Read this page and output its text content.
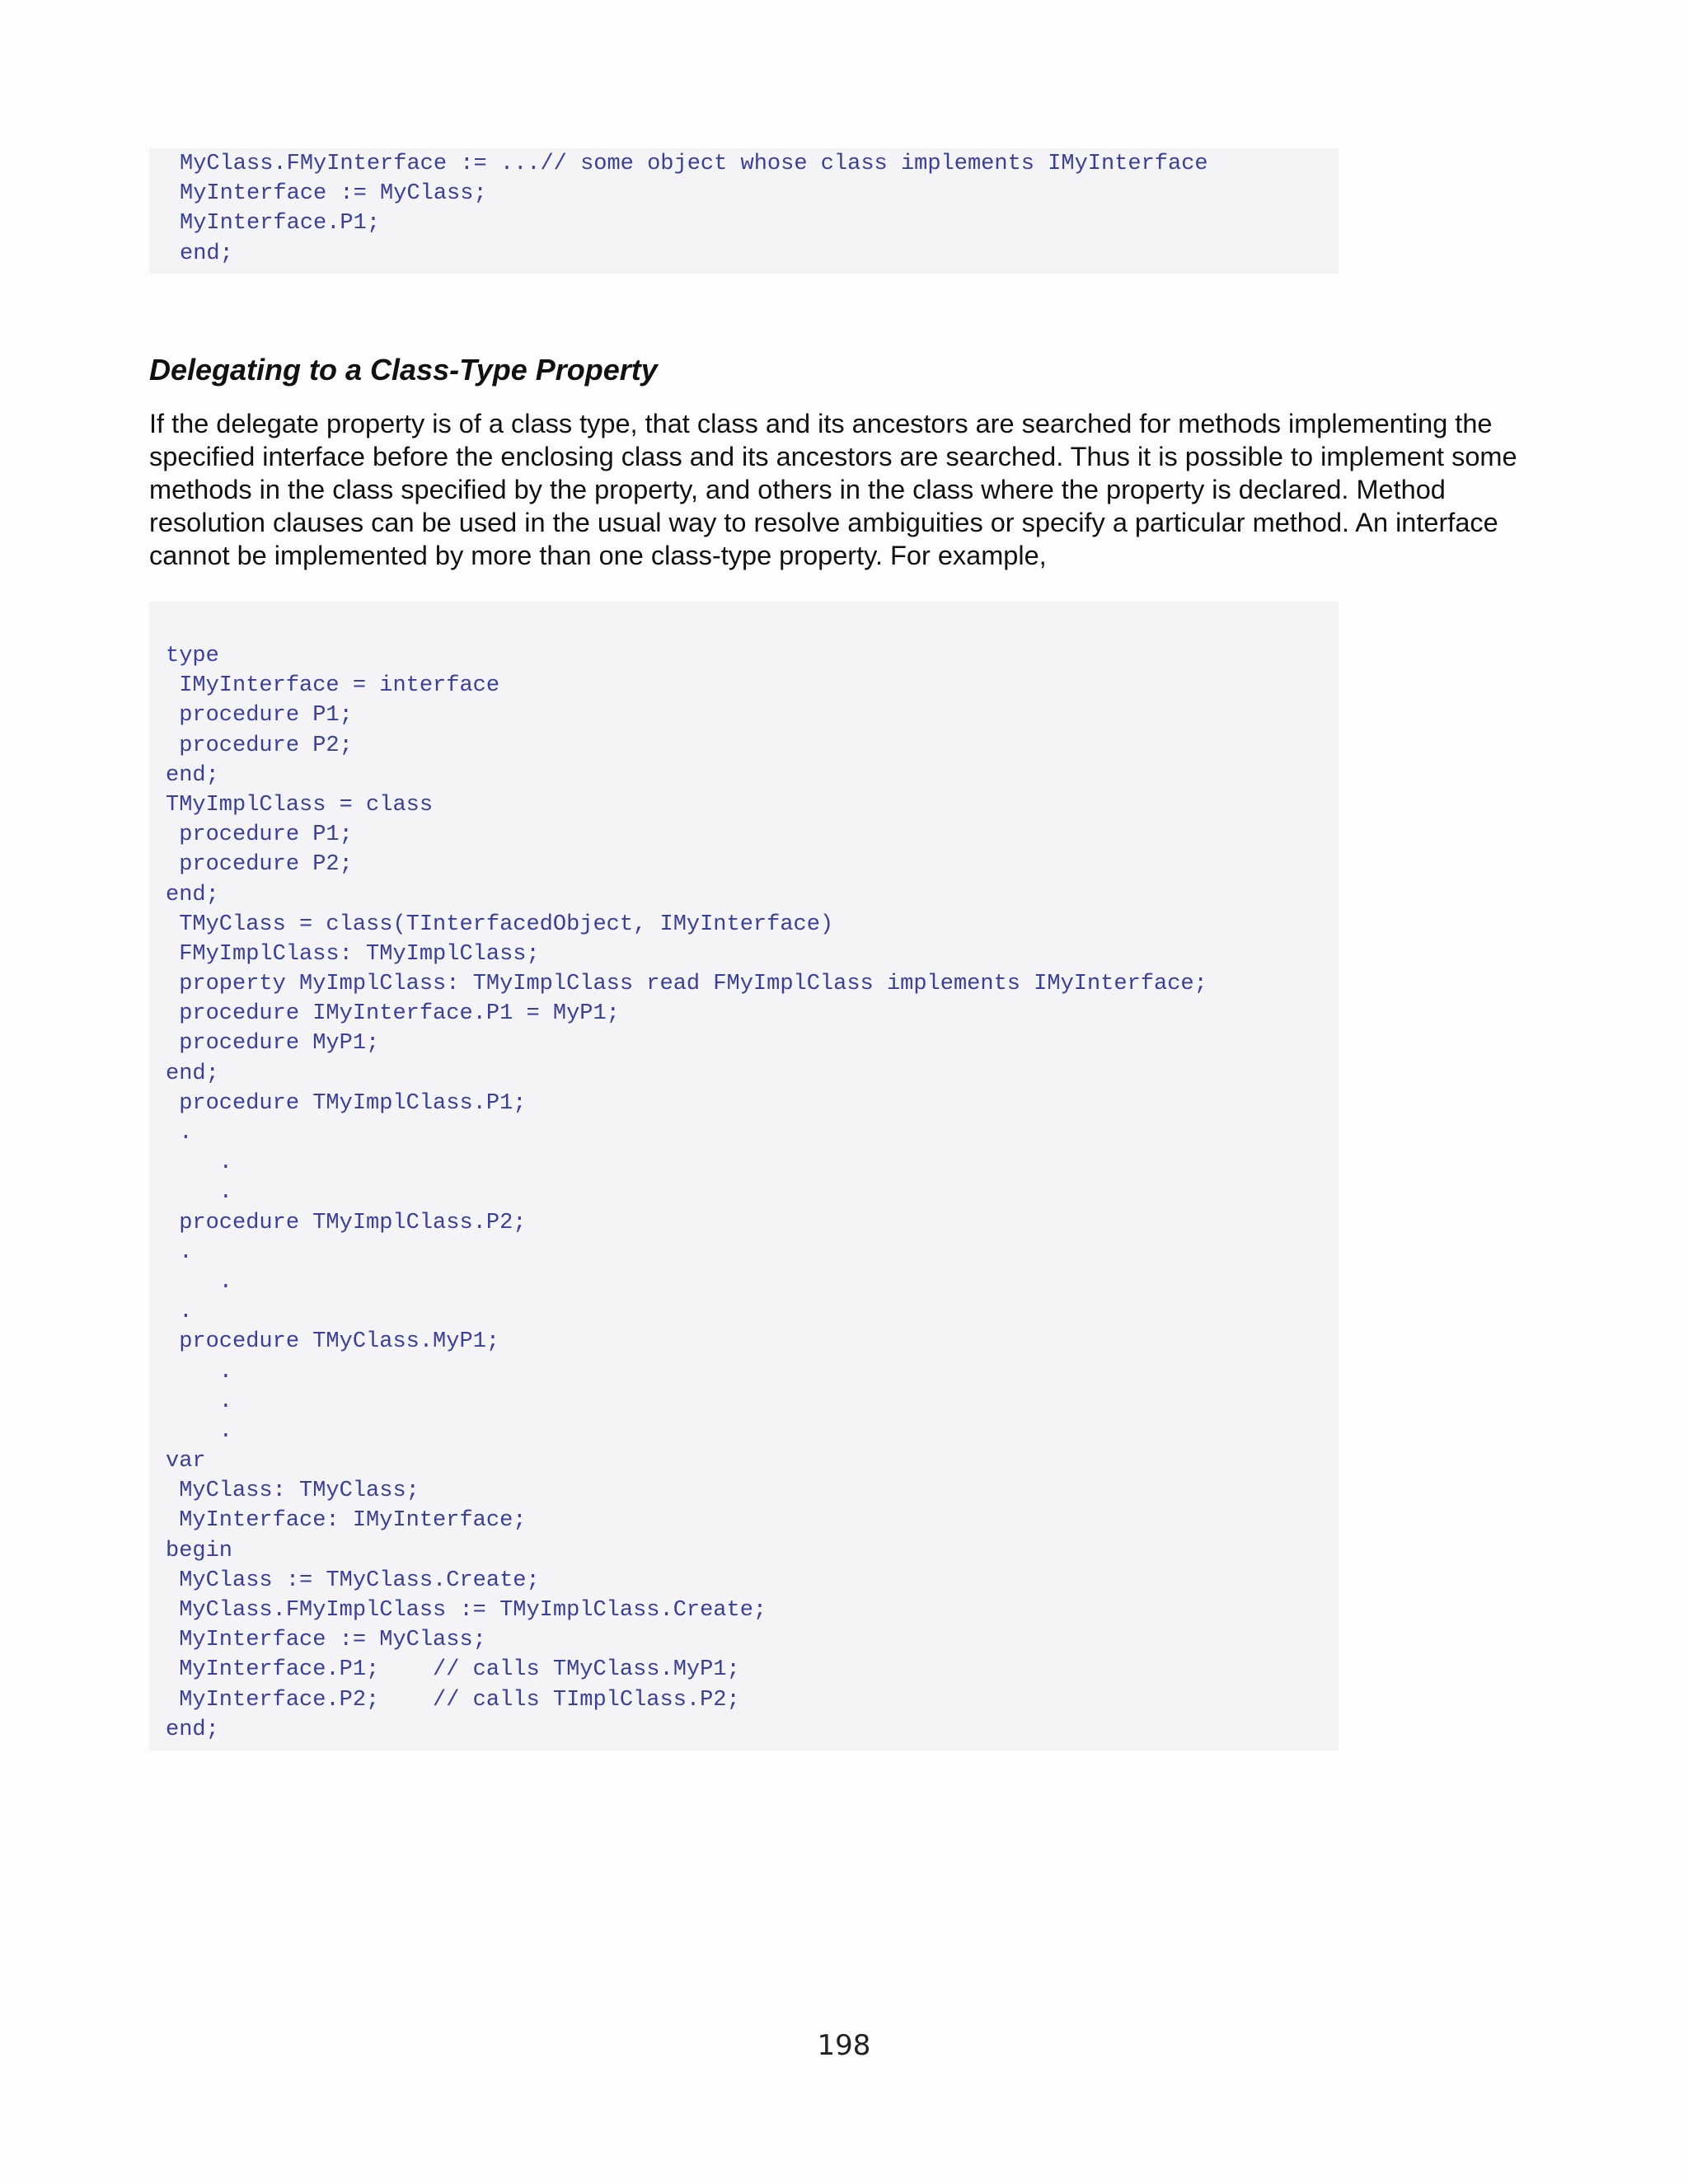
MyClass.FMyInterface := ...// some object whose class implements IMyInterface
MyInterface := MyClass;
MyInterface.P1;
end;
Delegating to a Class-Type Property
If the delegate property is of a class type, that class and its ancestors are searched for methods implementing the
specified interface before the enclosing class and its ancestors are searched. Thus it is possible to implement some
methods in the class specified by the property, and others in the class where the property is declared. Method
resolution clauses can be used in the usual way to resolve ambiguities or specify a particular method. An interface
cannot be implemented by more than one class-type property. For example,
type
IMyInterface = interface
procedure P1;
procedure P2;
end;
TMyImplClass = class
procedure P1;
procedure P2;
end;
TMyClass = class(TInterfacedObject, IMyInterface)
FMyImplClass: TMyImplClass;
property MyImplClass: TMyImplClass read FMyImplClass implements IMyInterface;
procedure IMyInterface.P1 = MyP1;
procedure MyP1;
end;
procedure TMyImplClass.P1;
.
.
.
procedure TMyImplClass.P2;
.
.
.
procedure TMyClass.MyP1;
.
.
.
var
MyClass: TMyClass;
MyInterface: IMyInterface;
begin
MyClass := TMyClass.Create;
MyClass.FMyImplClass := TMyImplClass.Create;
MyInterface := MyClass;
MyInterface.P1;    // calls TMyClass.MyP1;
MyInterface.P2;    // calls TImplClass.P2;
end;
198
